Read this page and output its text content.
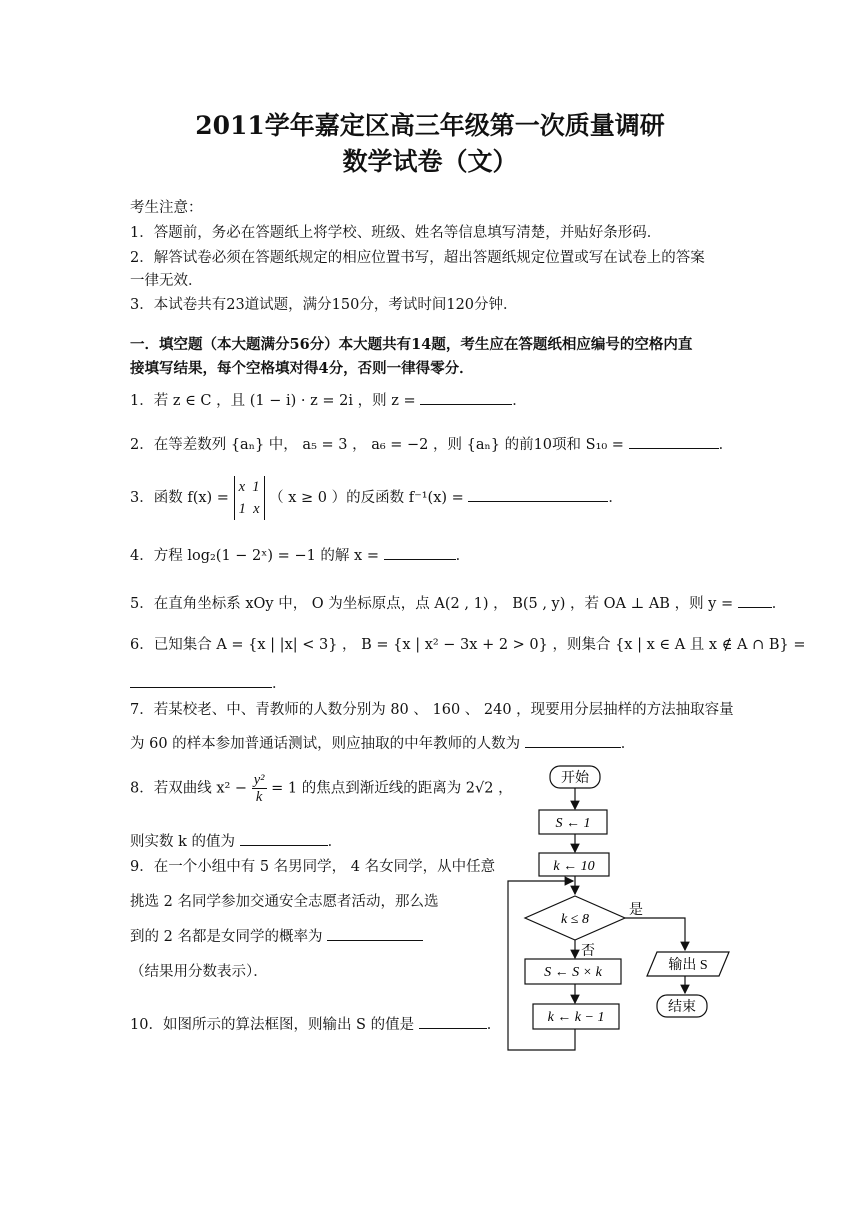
2011学年嘉定区高三年级第一次质量调研
数学试卷（文）
考生注意：
1．答题前，务必在答题纸上将学校、班级、姓名等信息填写清楚，并贴好条形码．
2．解答试卷必须在答题纸规定的相应位置书写，超出答题纸规定位置或写在试卷上的答案
一律无效．
3．本试卷共有23道试题，满分150分，考试时间120分钟．
一．填空题（本大题满分56分）本大题共有14题，考生应在答题纸相应编号的空格内直
接填写结果，每个空格填对得4分，否则一律得零分．
1．若 z ∈ C ，且 (1 − i) · z = 2i ，则 z =	．
2．在等差数列 {aₙ} 中， a₅ = 3 ， a₆ = −2 ，则 {aₙ} 的前10项和 S₁₀ =	．
3．函数 f(x) =
x  1
1  x
（ x ≥ 0 ）的反函数 f⁻¹(x) =	．
4．方程 log₂(1 − 2ˣ) = −1 的解 x =	．
5．在直角坐标系 xOy 中， O 为坐标原点，点 A(2 , 1) ， B(5 , y) ，若 OA ⊥ AB ，则 y =	．
6．已知集合 A = {x | |x| < 3} ， B = {x | x² − 3x + 2 > 0} ，则集合 {x | x ∈ A 且 x ∉ A ∩ B} =
．
7．若某校老、中、青教师的人数分别为 80 、 160 、 240 ，现要用分层抽样的方法抽取容量
为 60 的样本参加普通话测试，则应抽取的中年教师的人数为	．
8．若双曲线 $x^2 - \frac{\text{y²}}{k} = 1$ 的焦点到渐近线的距离为 2√2 ，
则实数 k 的值为	．
9．在一个小组中有 5 名男同学， 4 名女同学，从中任意
挑选 2 名同学参加交通安全志愿者活动，那么选
到的 2 名都是女同学的概率为
（结果用分数表示）．
10．如图所示的算法框图，则输出 S 的值是	．
开始
S ← 1
k ← 10
k ≤ 8
是
否
S ← S × k
k ← k − 1
输出 S
结束
